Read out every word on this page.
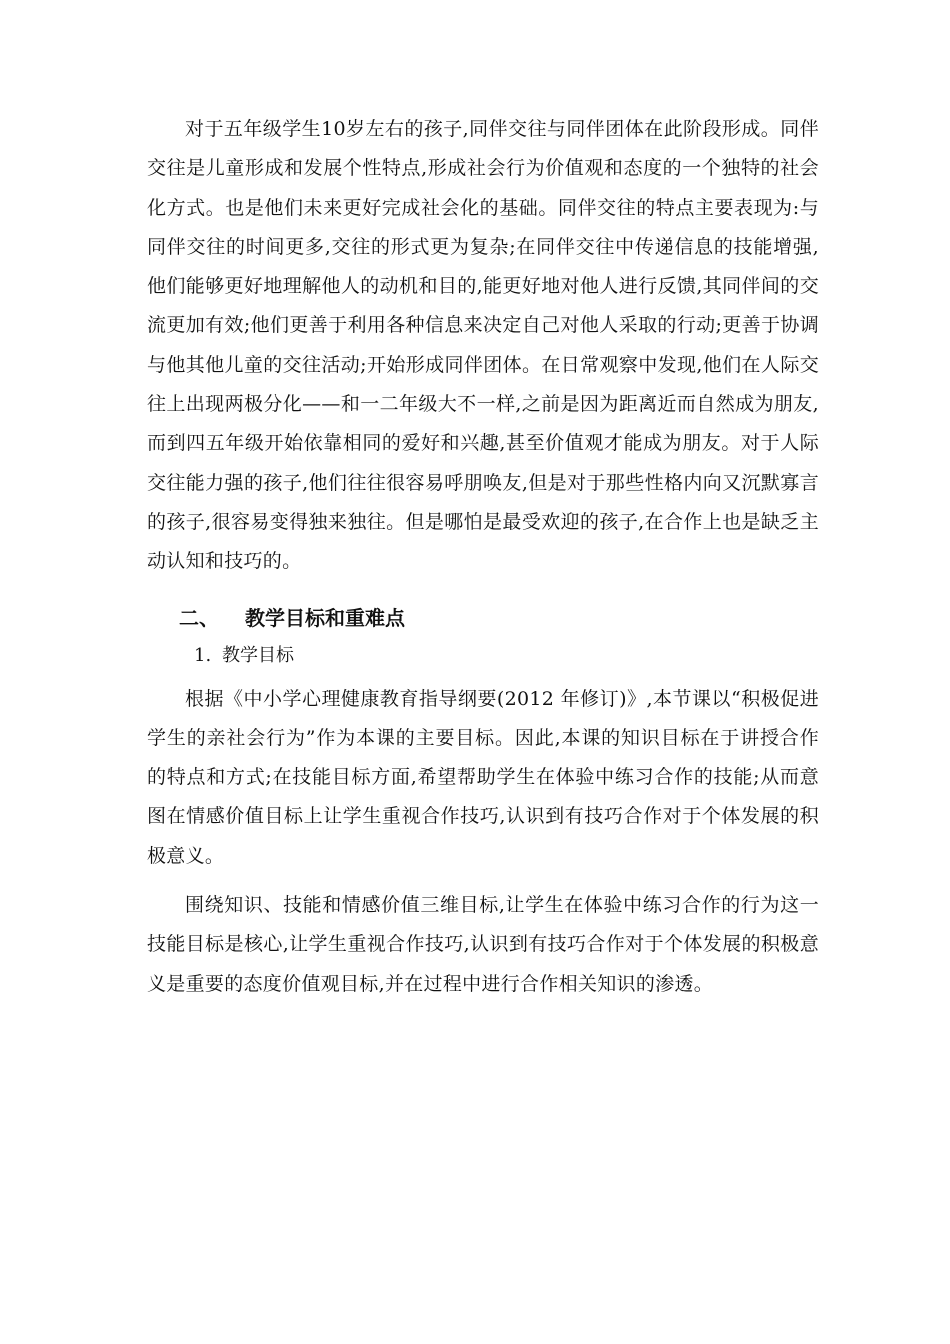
对于五年级学生10岁左右的孩子,同伴交往与同伴团体在此阶段形成。同伴交往是儿童形成和发展个性特点,形成社会行为价值观和态度的一个独特的社会化方式。也是他们未来更好完成社会化的基础。同伴交往的特点主要表现为:与同伴交往的时间更多,交往的形式更为复杂;在同伴交往中传递信息的技能增强,他们能够更好地理解他人的动机和目的,能更好地对他人进行反馈,其同伴间的交流更加有效;他们更善于利用各种信息来决定自己对他人采取的行动;更善于协调与他其他儿童的交往活动;开始形成同伴团体。在日常观察中发现,他们在人际交往上出现两极分化——和一二年级大不一样,之前是因为距离近而自然成为朋友,而到四五年级开始依靠相同的爱好和兴趣,甚至价值观才能成为朋友。对于人际交往能力强的孩子,他们往往很容易呼朋唤友,但是对于那些性格内向又沉默寡言的孩子,很容易变得独来独往。但是哪怕是最受欢迎的孩子,在合作上也是缺乏主动认知和技巧的。

二、	教学目标和重难点
1. 教学目标

根据《中小学心理健康教育指导纲要(2012 年修订)》,本节课以“积极促进学生的亲社会行为”作为本课的主要目标。因此,本课的知识目标在于讲授合作的特点和方式;在技能目标方面,希望帮助学生在体验中练习合作的技能;从而意图在情感价值目标上让学生重视合作技巧,认识到有技巧合作对于个体发展的积极意义。

围绕知识、技能和情感价值三维目标,让学生在体验中练习合作的行为这一技能目标是核心,让学生重视合作技巧,认识到有技巧合作对于个体发展的积极意义是重要的态度价值观目标,并在过程中进行合作相关知识的渗透。
